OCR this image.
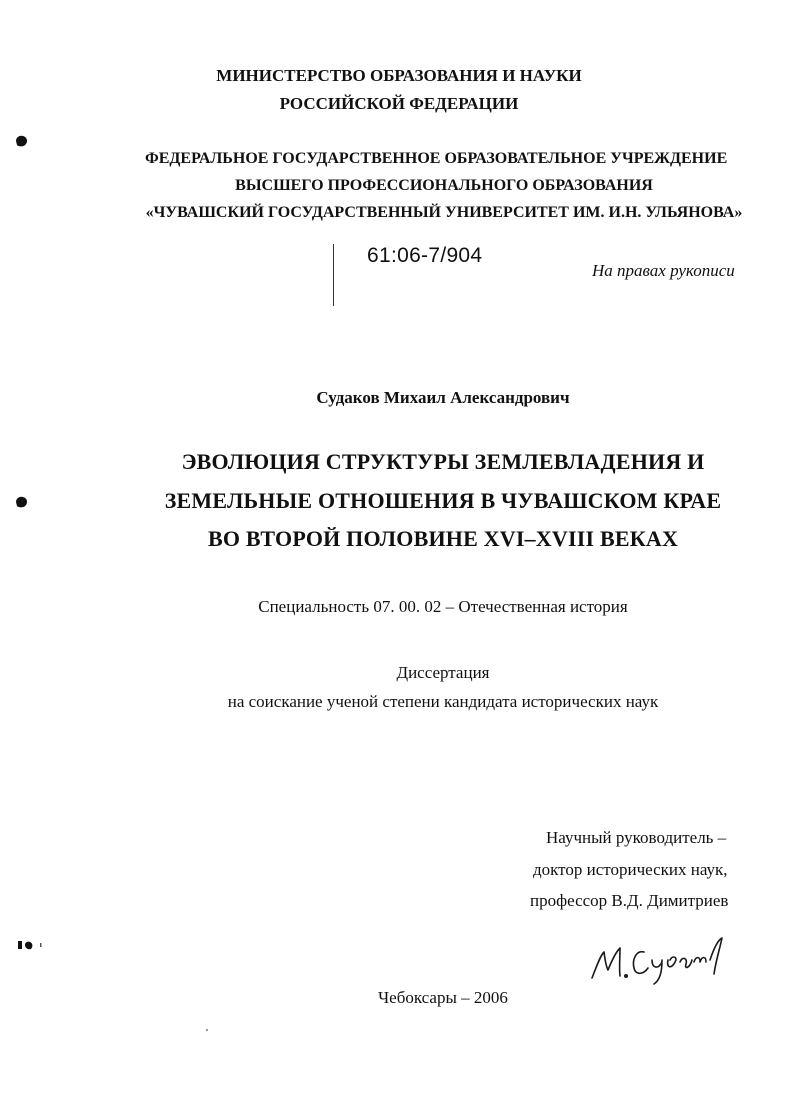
МИНИСТЕРСТВО ОБРАЗОВАНИЯ И НАУКИ
РОССИЙСКОЙ ФЕДЕРАЦИИ
ФЕДЕРАЛЬНОЕ ГОСУДАРСТВЕННОЕ ОБРАЗОВАТЕЛЬНОЕ УЧРЕЖДЕНИЕ
ВЫСШЕГО ПРОФЕССИОНАЛЬНОГО ОБРАЗОВАНИЯ
«ЧУВАШСКИЙ ГОСУДАРСТВЕННЫЙ УНИВЕРСИТЕТ ИМ. И.Н. УЛЬЯНОВА»
61:06-7/904
На правах рукописи
Судаков Михаил Александрович
ЭВОЛЮЦИЯ СТРУКТУРЫ ЗЕМЛЕВЛАДЕНИЯ И
ЗЕМЕЛЬНЫЕ ОТНОШЕНИЯ В ЧУВАШСКОМ КРАЕ
ВО ВТОРОЙ ПОЛОВИНЕ XVI–XVIII ВЕКАХ
Специальность 07. 00. 02 – Отечественная история
Диссертация
на соискание ученой степени кандидата исторических наук
Научный руководитель –
доктор исторических наук,
профессор В.Д. Димитриев
Чебоксары – 2006
